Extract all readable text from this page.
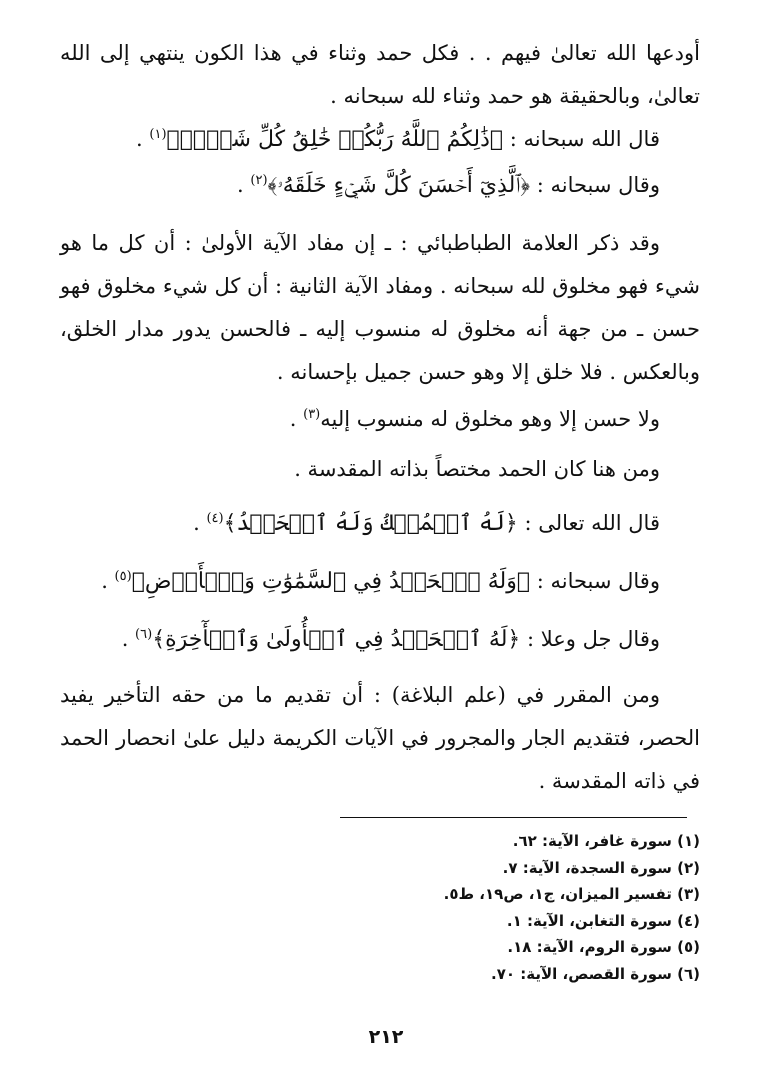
أودعها الله تعالىٰ فيهم . . فكل حمد وثناء في هذا الكون ينتهي إلى الله تعالىٰ، وبالحقيقة هو حمد وثناء لله سبحانه .

قال الله سبحانه : ﴿ذَٰلِكُمُ ٱللَّهُ رَبُّكُمۡ خَٰلِقُ كُلِّ شَيۡءٖ﴾$^{(١)}$ .
وقال سبحانه : ﴿ٱلَّذِيٓ أَحۡسَنَ كُلَّ شَيۡءٍ خَلَقَهُۥ﴾$^{(٢)}$ .

وقد ذكر العلامة الطباطبائي : ـ إن مفاد الآية الأولىٰ : أن كل ما هو شيء فهو مخلوق لله سبحانه . ومفاد الآية الثانية : أن كل شيء مخلوق فهو حسن ـ من جهة أنه مخلوق له منسوب إليه ـ فالحسن يدور مدار الخلق، وبالعكس . فلا خلق إلا وهو حسن جميل بإحسانه .

ولا حسن إلا وهو مخلوق له منسوب إليه$^{(٣)}$ .
ومن هنا كان الحمد مختصاً بذاته المقدسة .
قال الله تعالى : ﴿لَهُ ٱلۡمُلۡكُ وَلَهُ ٱلۡحَمۡدُ﴾$^{(٤)}$ .
وقال سبحانه : ﴿وَلَهُ ٱلۡحَمۡدُ فِي ٱلسَّمَٰوَٰتِ وَٱلۡأَرۡضِ﴾$^{(٥)}$ .
وقال جل وعلا : ﴿لَهُ ٱلۡحَمۡدُ فِي ٱلۡأُولَىٰ وَٱلۡأٓخِرَةِ﴾$^{(٦)}$ .

ومن المقرر في (علم البلاغة) : أن تقديم ما من حقه التأخير يفيد الحصر، فتقديم الجار والمجرور في الآيات الكريمة دليل علىٰ انحصار الحمد في ذاته المقدسة .

(١) سورة غافر، الآية: ٦٢.
(٢) سورة السجدة، الآية: ٧.
(٣) تفسير الميزان، ج١، ص١٩، ط٥.
(٤) سورة التغابن، الآية: ١.
(٥) سورة الروم، الآية: ١٨.
(٦) سورة القصص، الآية: ٧٠.
٢١٢
